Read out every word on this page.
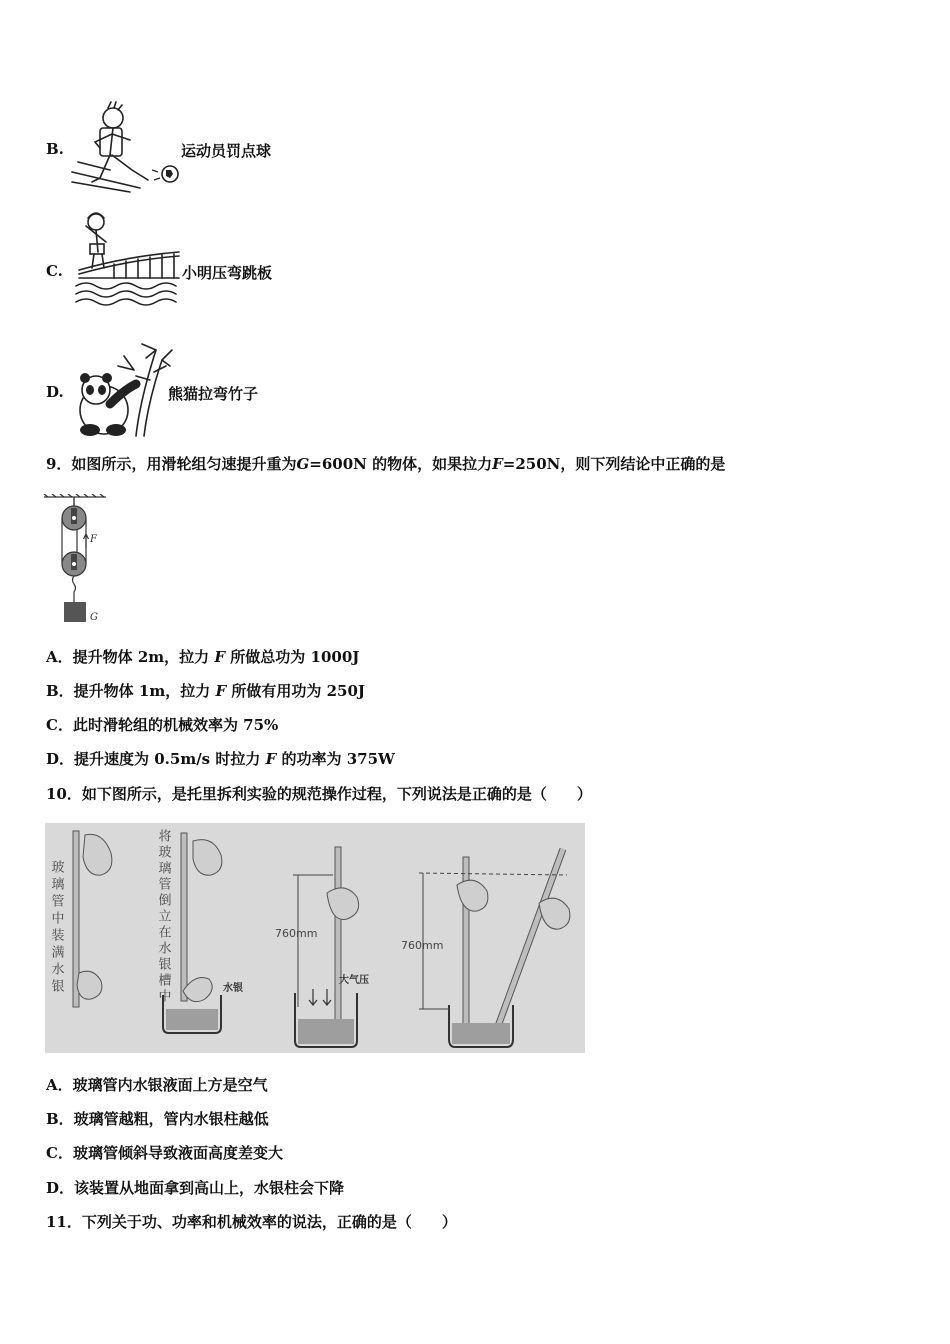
B.	运动员罚点球
C.	小明压弯跳板
D.	熊猫拉弯竹子
9．如图所示，用滑轮组匀速提升重为G=600N 的物体，如果拉力F=250N，则下列结论中正确的是
F
G
A．提升物体 2m，拉力 F 所做总功为 1000J
B．提升物体 1m，拉力 F 所做有用功为 250J
C．此时滑轮组的机械效率为 75%
D．提升速度为 0.5m/s 时拉力 F 的功率为 375W
10．如下图所示，是托里拆利实验的规范操作过程，下列说法是正确的是（　　）
玻璃管中装满水银	将玻璃管倒立在水银槽中	水银
760mm
大气压
760mm
A．玻璃管内水银液面上方是空气
B．玻璃管越粗，管内水银柱越低
C．玻璃管倾斜导致液面高度差变大
D．该装置从地面拿到高山上，水银柱会下降
11．下列关于功、功率和机械效率的说法，正确的是（　　）
